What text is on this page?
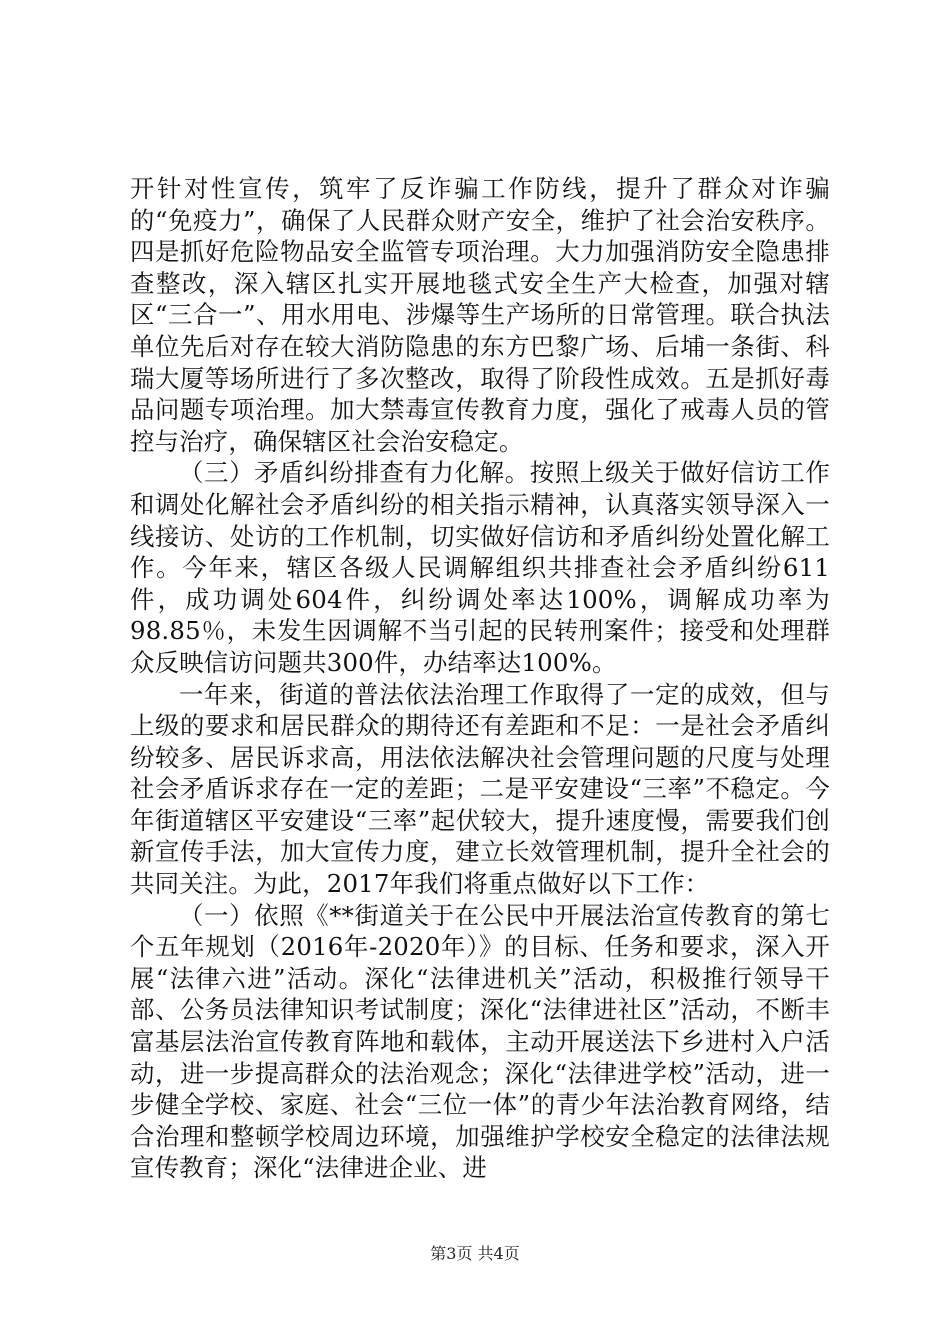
开针对性宣传，筑牢了反诈骗工作防线，提升了群众对诈骗的“免疫力”，确保了人民群众财产安全，维护了社会治安秩序。四是抓好危险物品安全监管专项治理。大力加强消防安全隐患排查整改，深入辖区扎实开展地毯式安全生产大检查，加强对辖区“三合一”、用水用电、涉爆等生产场所的日常管理。联合执法单位先后对存在较大消防隐患的东方巴黎广场、后埔一条街、科瑞大厦等场所进行了多次整改，取得了阶段性成效。五是抓好毒品问题专项治理。加大禁毒宣传教育力度，强化了戒毒人员的管控与治疗，确保辖区社会治安稳定。

（三）矛盾纠纷排查有力化解。按照上级关于做好信访工作和调处化解社会矛盾纠纷的相关指示精神，认真落实领导深入一线接访、处访的工作机制，切实做好信访和矛盾纠纷处置化解工作。今年来，辖区各级人民调解组织共排查社会矛盾纠纷611件，成功调处604件，纠纷调处率达100%，调解成功率为98.85％，未发生因调解不当引起的民转刑案件；接受和处理群众反映信访问题共300件，办结率达100%。

一年来，街道的普法依法治理工作取得了一定的成效，但与上级的要求和居民群众的期待还有差距和不足：一是社会矛盾纠纷较多、居民诉求高，用法依法解决社会管理问题的尺度与处理社会矛盾诉求存在一定的差距；二是平安建设“三率”不稳定。今年街道辖区平安建设“三率”起伏较大，提升速度慢，需要我们创新宣传手法，加大宣传力度，建立长效管理机制，提升全社会的共同关注。为此，2017年我们将重点做好以下工作：

（一）依照《**街道关于在公民中开展法治宣传教育的第七个五年规划（2016年-2020年）》的目标、任务和要求，深入开展“法律六进”活动。深化“法律进机关”活动，积极推行领导干部、公务员法律知识考试制度；深化“法律进社区”活动，不断丰富基层法治宣传教育阵地和载体，主动开展送法下乡进村入户活动，进一步提高群众的法治观念；深化“法律进学校”活动，进一步健全学校、家庭、社会“三位一体”的青少年法治教育网络，结合治理和整顿学校周边环境，加强维护学校安全稳定的法律法规宣传教育；深化“法律进企业、进

第3页 共4页
